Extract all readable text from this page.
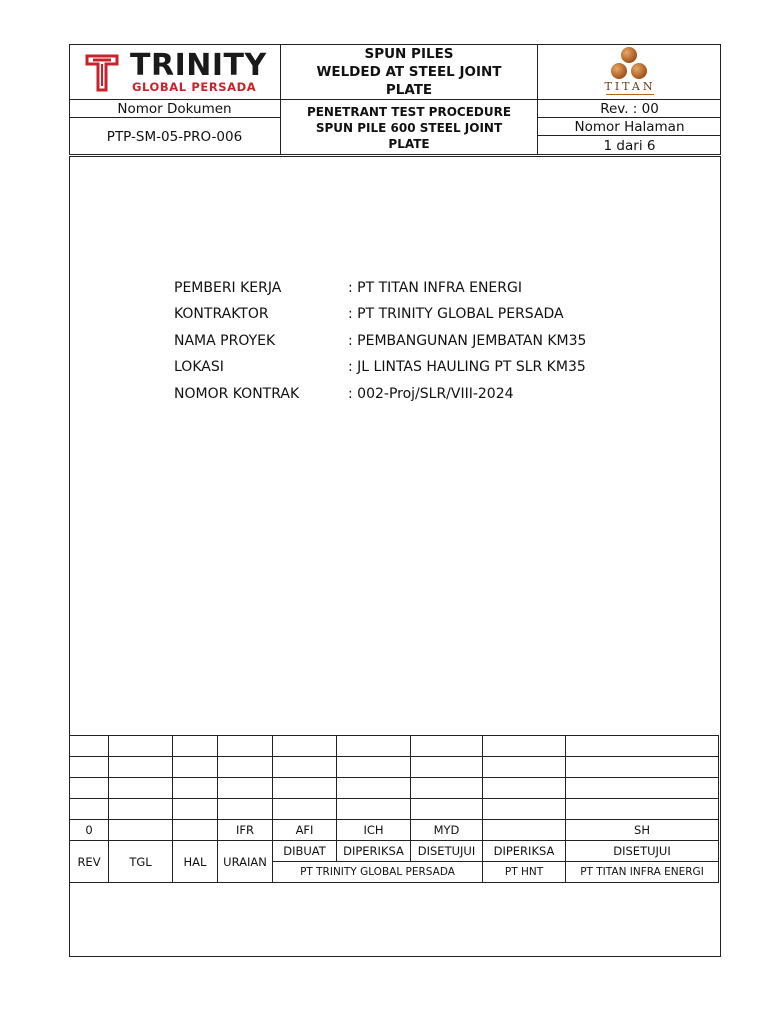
TRINITY
GLOBAL PERSADA
SPUN PILES
WELDED AT STEEL JOINT
PLATE	TITAN
Nomor Dokumen
PTP-SM-05-PRO-006
PENETRANT TEST PROCEDURE
SPUN PILE 600 STEEL JOINT
PLATE
Rev. : 00
Nomor Halaman
1 dari 6
PEMBERI KERJA	: PT TITAN INFRA ENERGI
KONTRAKTOR	: PT TRINITY GLOBAL PERSADA
NAMA PROYEK	: PEMBANGUNAN JEMBATAN KM35
LOKASI	: JL LINTAS HAULING PT SLR KM35
NOMOR KONTRAK	: 002-Proj/SLR/VIII-2024

0			IFR	AFI	ICH	MYD		SH
REV	TGL	HAL	URAIAN	DIBUAT	DIPERIKSA	DISETUJUI	DIPERIKSA	DISETUJUI
				PT TRINITY GLOBAL PERSADA			PT HNT	PT TITAN INFRA ENERGI
